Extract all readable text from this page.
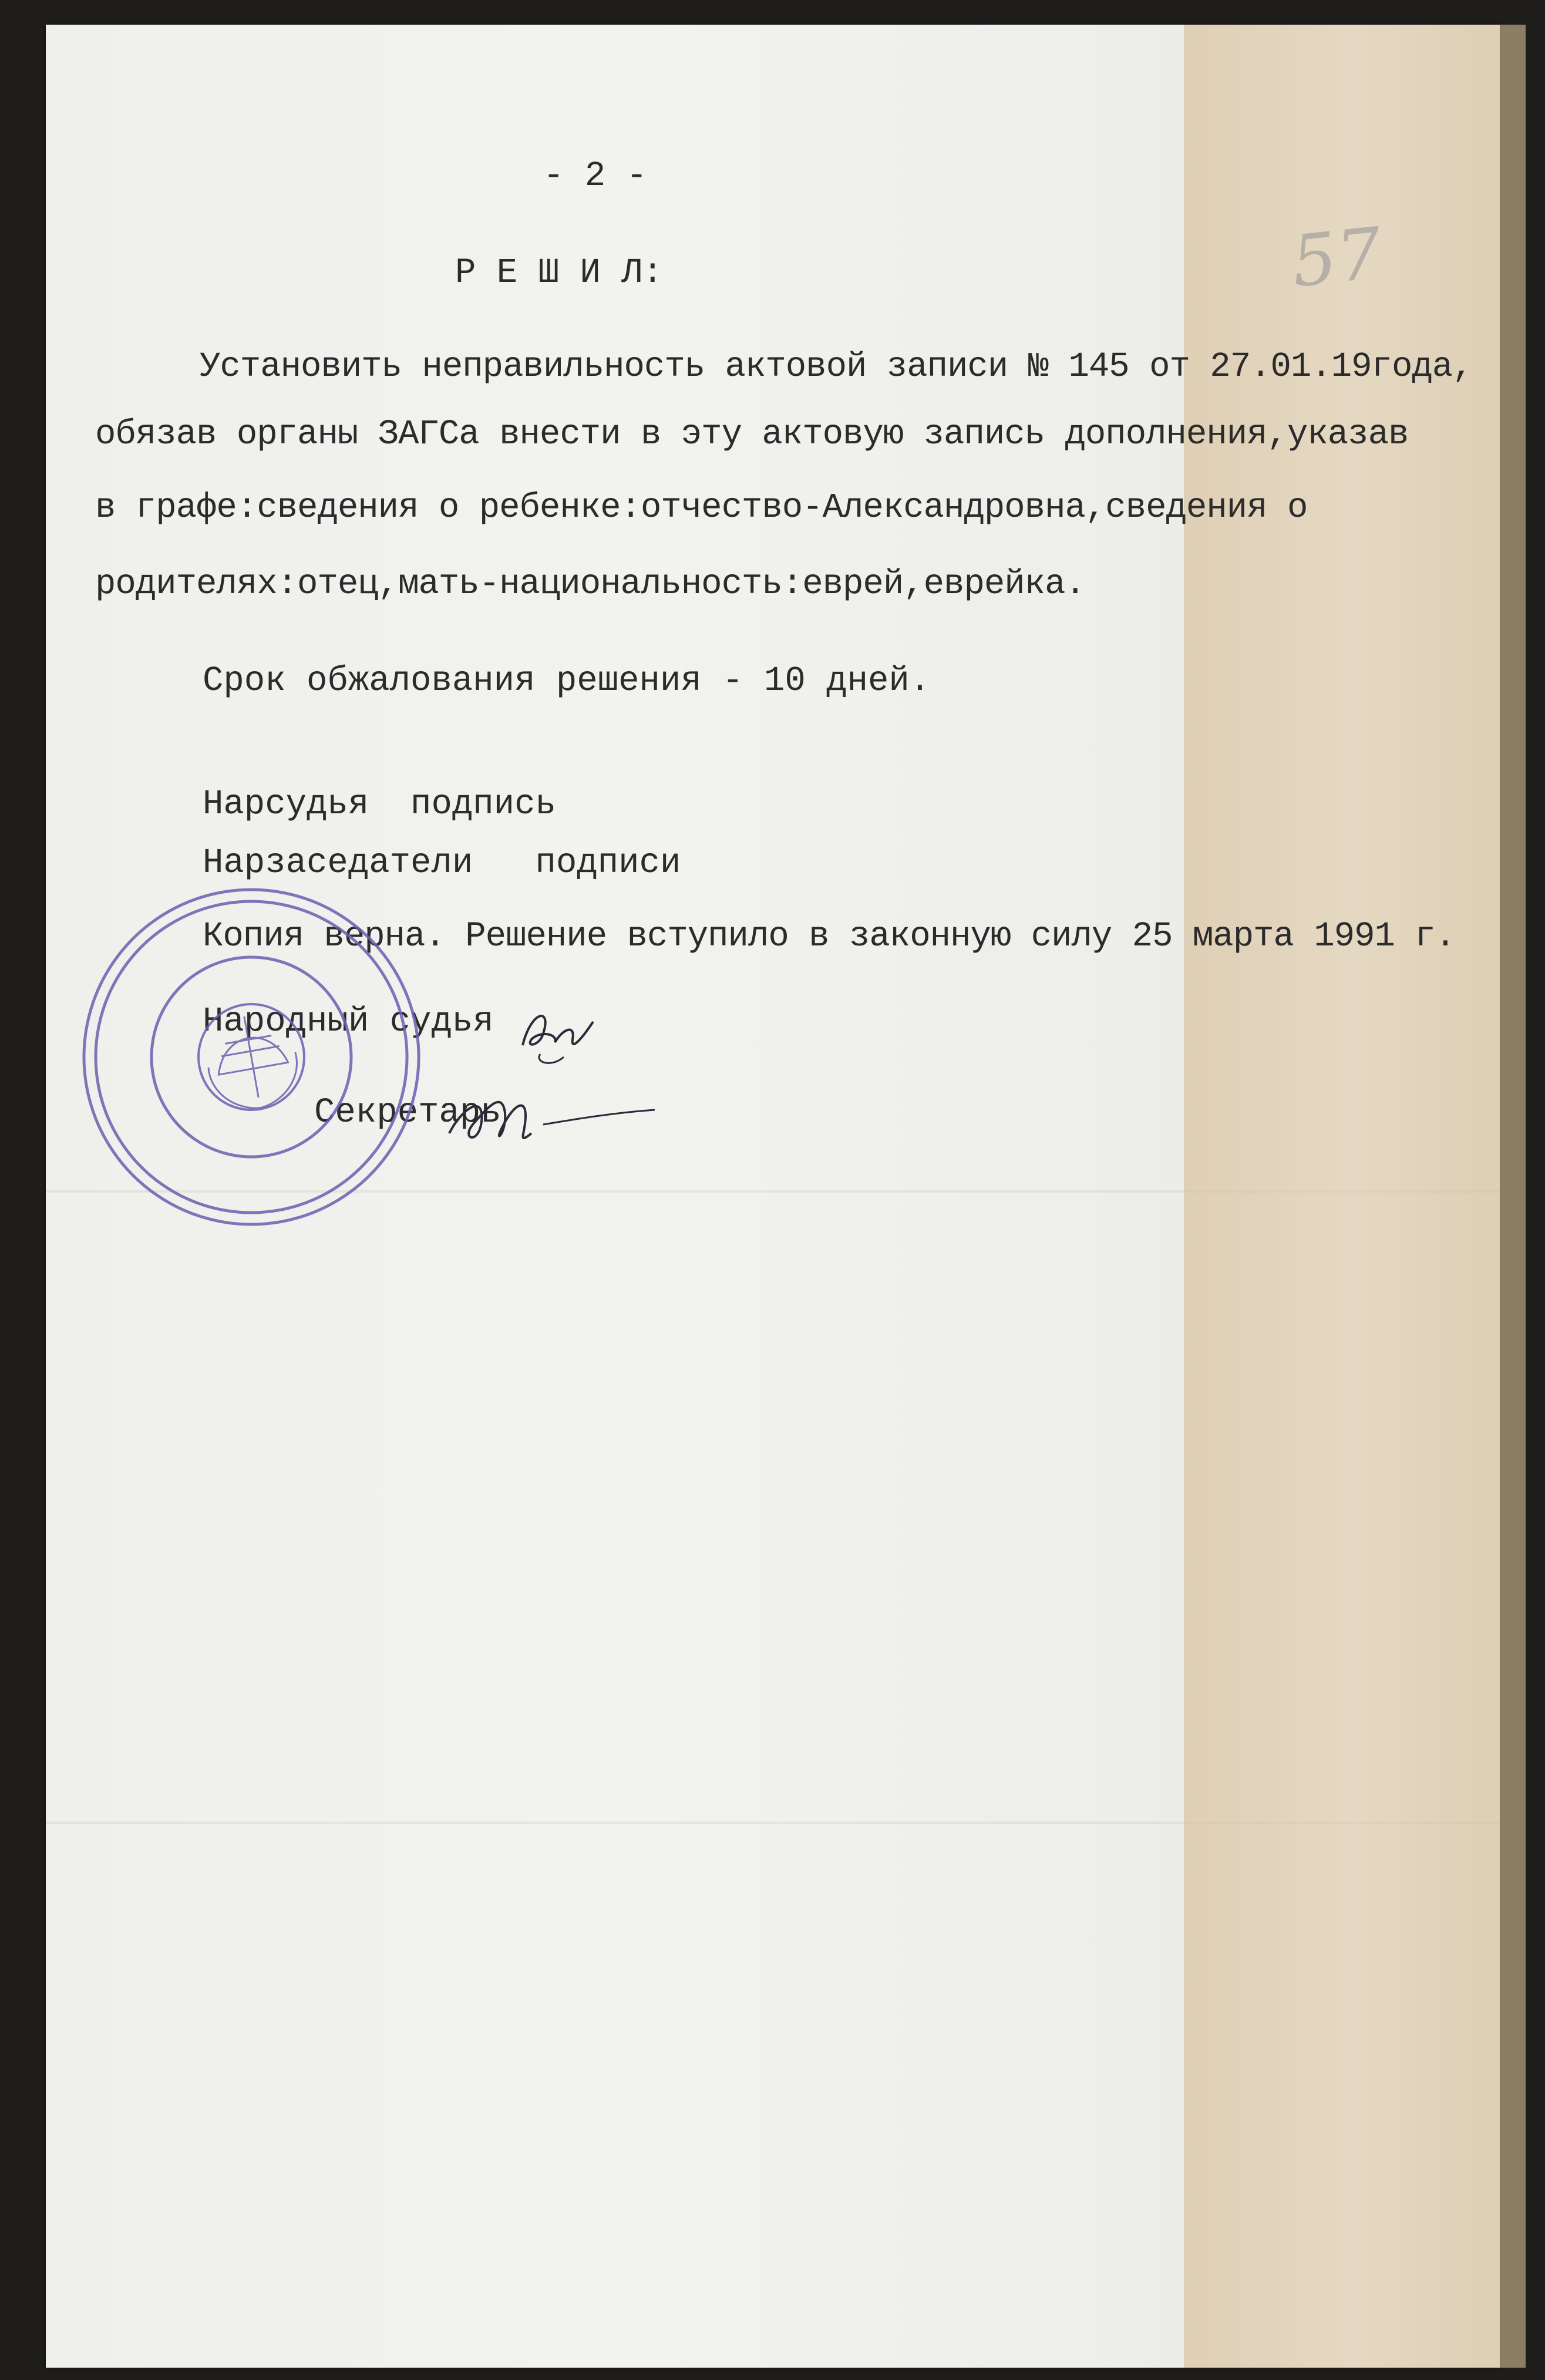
57

- 2 -

Р Е Ш И Л:

Установить неправильность актовой записи № 145 от 27.01.19года,

обязав органы ЗАГСа внести в эту актовую запись дополнения,указав

в графе:сведения о ребенке:отчество-Александровна,сведения о

родителях:отец,мать-национальность:еврей,еврейка.

Срок обжалования решения - 10 дней.

Нарсудья  подпись

Нарзаседатели   подписи

Копия верна. Решение вступило в законную силу 25 марта 1991 г.

Народный судья

Секретарь
